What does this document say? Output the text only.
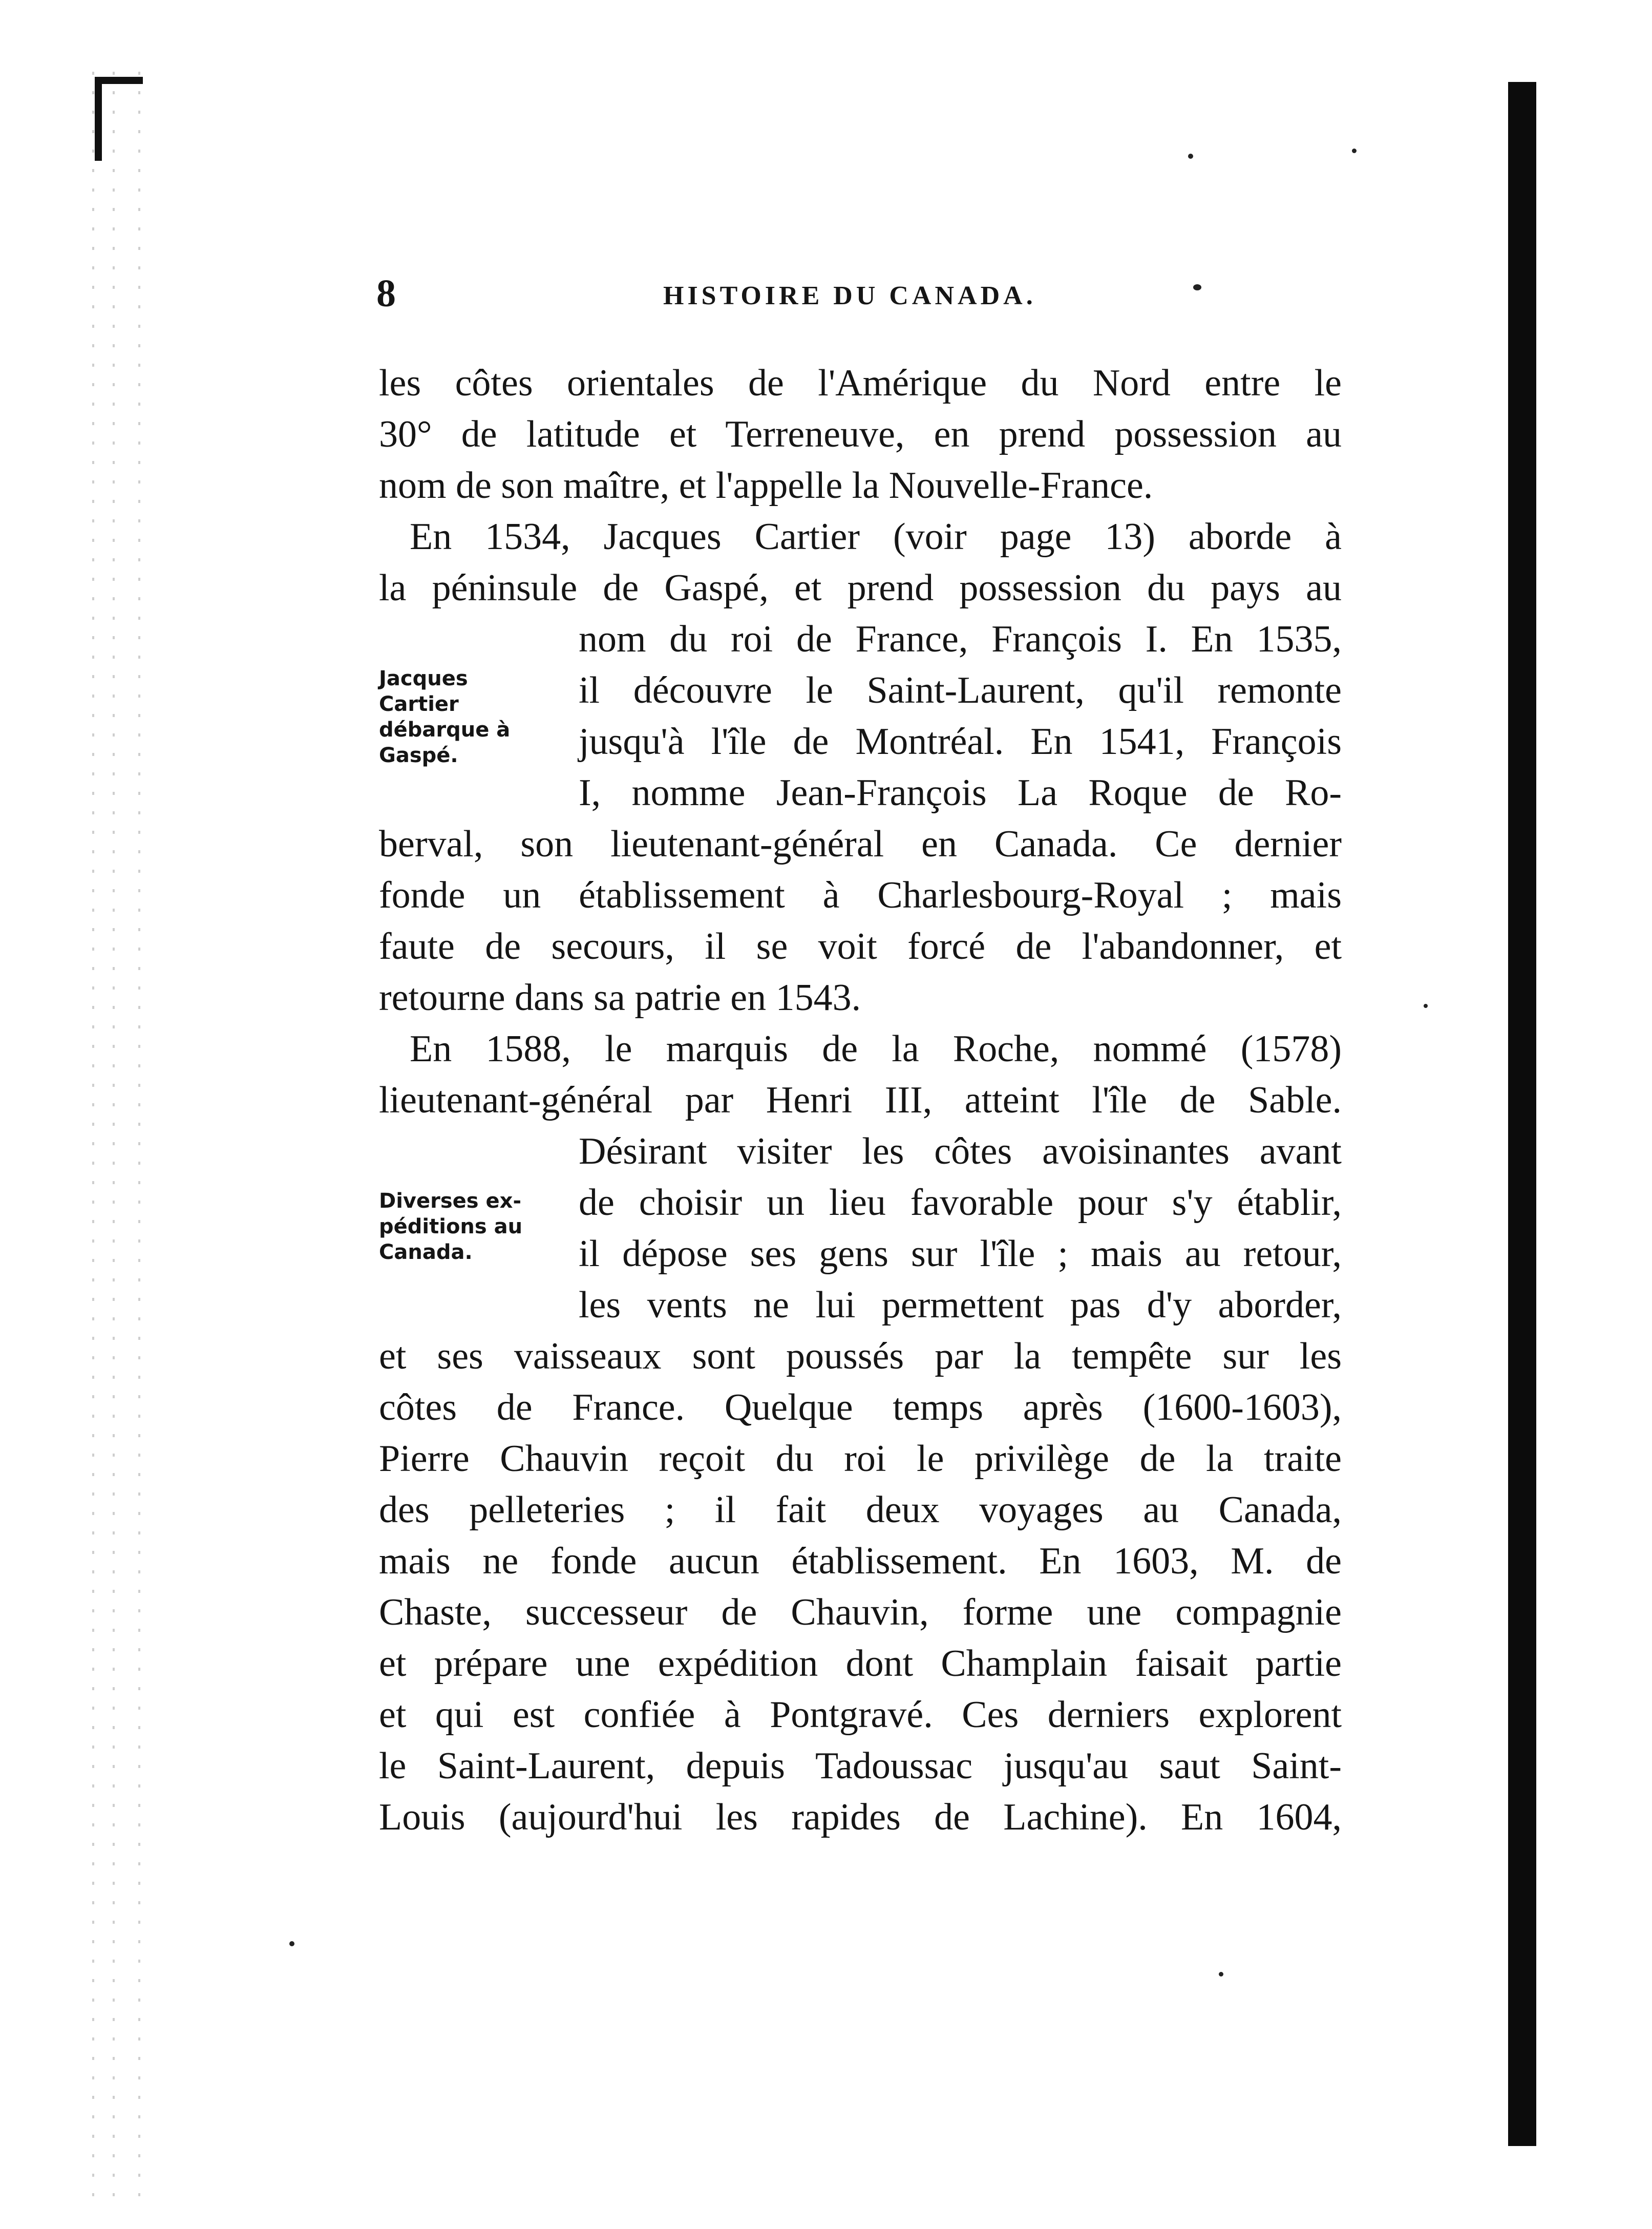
8	HISTOIRE DU CANADA.
Jacques
Cartier
débarque à
Gaspé.
Diverses ex-
péditions au
Canada.
les côtes orientales de l'Amérique du Nord entre le
30° de latitude et Terreneuve, en prend possession au
nom de son maître, et l'appelle la Nouvelle-France.
En 1534, Jacques Cartier (voir page 13) aborde à
la péninsule de Gaspé, et prend possession du pays au
nom du roi de France, François I. En 1535,
il découvre le Saint-Laurent, qu'il remonte
jusqu'à l'île de Montréal. En 1541, François
I, nomme Jean-François La Roque de Ro-
berval, son lieutenant-général en Canada. Ce dernier
fonde un établissement à Charlesbourg-Royal ; mais
faute de secours, il se voit forcé de l'abandonner, et
retourne dans sa patrie en 1543.
En 1588, le marquis de la Roche, nommé (1578)
lieutenant-général par Henri III, atteint l'île de Sable.
Désirant visiter les côtes avoisinantes avant
de choisir un lieu favorable pour s'y établir,
il dépose ses gens sur l'île ; mais au retour,
les vents ne lui permettent pas d'y aborder,
et ses vaisseaux sont poussés par la tempête sur les
côtes de France. Quelque temps après (1600-1603),
Pierre Chauvin reçoit du roi le privilège de la traite
des pelleteries ; il fait deux voyages au Canada,
mais ne fonde aucun établissement. En 1603, M. de
Chaste, successeur de Chauvin, forme une compagnie
et prépare une expédition dont Champlain faisait partie
et qui est confiée à Pontgravé. Ces derniers explorent
le Saint-Laurent, depuis Tadoussac jusqu'au saut Saint-
Louis (aujourd'hui les rapides de Lachine). En 1604,
